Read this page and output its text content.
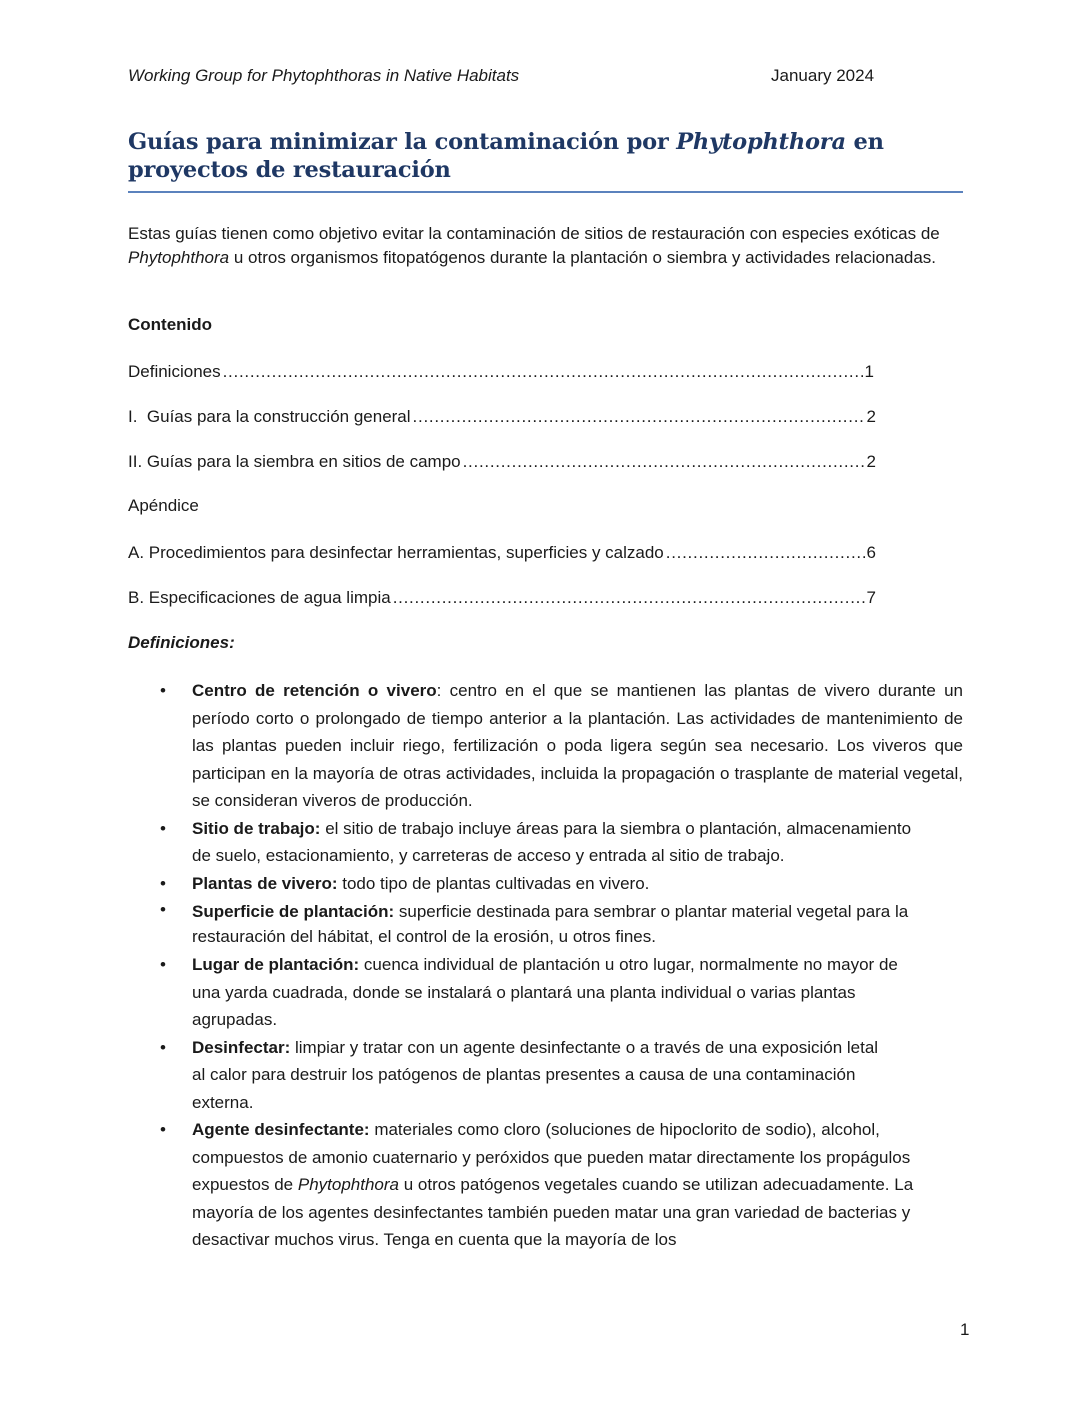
Working Group for Phytophthoras in Native Habitats	January 2024
Guías para minimizar la contaminación por Phytophthora en proyectos de restauración
Estas guías tienen como objetivo evitar la contaminación de sitios de restauración con especies exóticas de Phytophthora u otros organismos fitopatógenos durante la plantación o siembra y actividades relacionadas.
Contenido
Definiciones . . .	1
I.  Guías para la construcción general . . .	2
II. Guías para la siembra en sitios de campo . . .	2
Apéndice
A. Procedimientos para desinfectar herramientas, superficies y calzado . . .	6
B. Especificaciones de agua limpia . . .	7
Definiciones:
• Centro de retención o vivero: centro en el que se mantienen las plantas de vivero durante un período corto o prolongado de tiempo anterior a la plantación. Las actividades de mantenimiento de las plantas pueden incluir riego, fertilización o poda ligera según sea necesario. Los viveros que participan en la mayoría de otras actividades, incluida la propagación o trasplante de material vegetal, se consideran viveros de producción.
• Sitio de trabajo: el sitio de trabajo incluye áreas para la siembra o plantación, almacenamiento de suelo, estacionamiento, y carreteras de acceso y entrada al sitio de trabajo.
• Plantas de vivero: todo tipo de plantas cultivadas en vivero.
• Superficie de plantación: superficie destinada para sembrar o plantar material vegetal para la restauración del hábitat, el control de la erosión, u otros fines.
• Lugar de plantación: cuenca individual de plantación u otro lugar, normalmente no mayor de una yarda cuadrada, donde se instalará o plantará una planta individual o varias plantas agrupadas.
• Desinfectar: limpiar y tratar con un agente desinfectante o a través de una exposición letal al calor para destruir los patógenos de plantas presentes a causa de una contaminación externa.
• Agente desinfectante: materiales como cloro (soluciones de hipoclorito de sodio), alcohol, compuestos de amonio cuaternario y peróxidos que pueden matar directamente los propágulos expuestos de Phytophthora u otros patógenos vegetales cuando se utilizan adecuadamente. La mayoría de los agentes desinfectantes también pueden matar una gran variedad de bacterias y desactivar muchos virus. Tenga en cuenta que la mayoría de los
1
